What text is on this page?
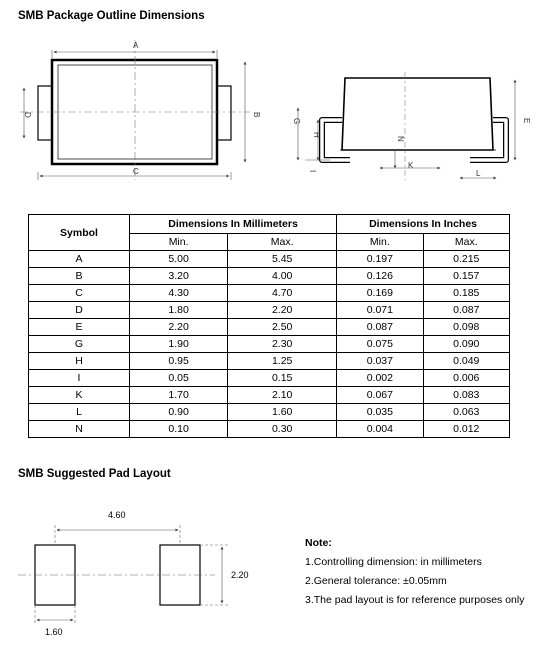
SMB Package Outline Dimensions
A
C
D	B
E
G
H
I
K
L
N
Symbol	Dimensions In Millimeters		Dimensions In Inches	
	Min.	Max.	Min.	Max.
A	5.00	5.45	0.197	0.215
B	3.20	4.00	0.126	0.157
C	4.30	4.70	0.169	0.185
D	1.80	2.20	0.071	0.087
E	2.20	2.50	0.087	0.098
G	1.90	2.30	0.075	0.090
H	0.95	1.25	0.037	0.049
I	0.05	0.15	0.002	0.006
K	1.70	2.10	0.067	0.083
L	0.90	1.60	0.035	0.063
N	0.10	0.30	0.004	0.012
SMB Suggested Pad Layout
4.60
2.20
1.60
Note:
1.Controlling dimension: in millimeters
2.General tolerance: ±0.05mm
3.The pad layout is for reference purposes only
